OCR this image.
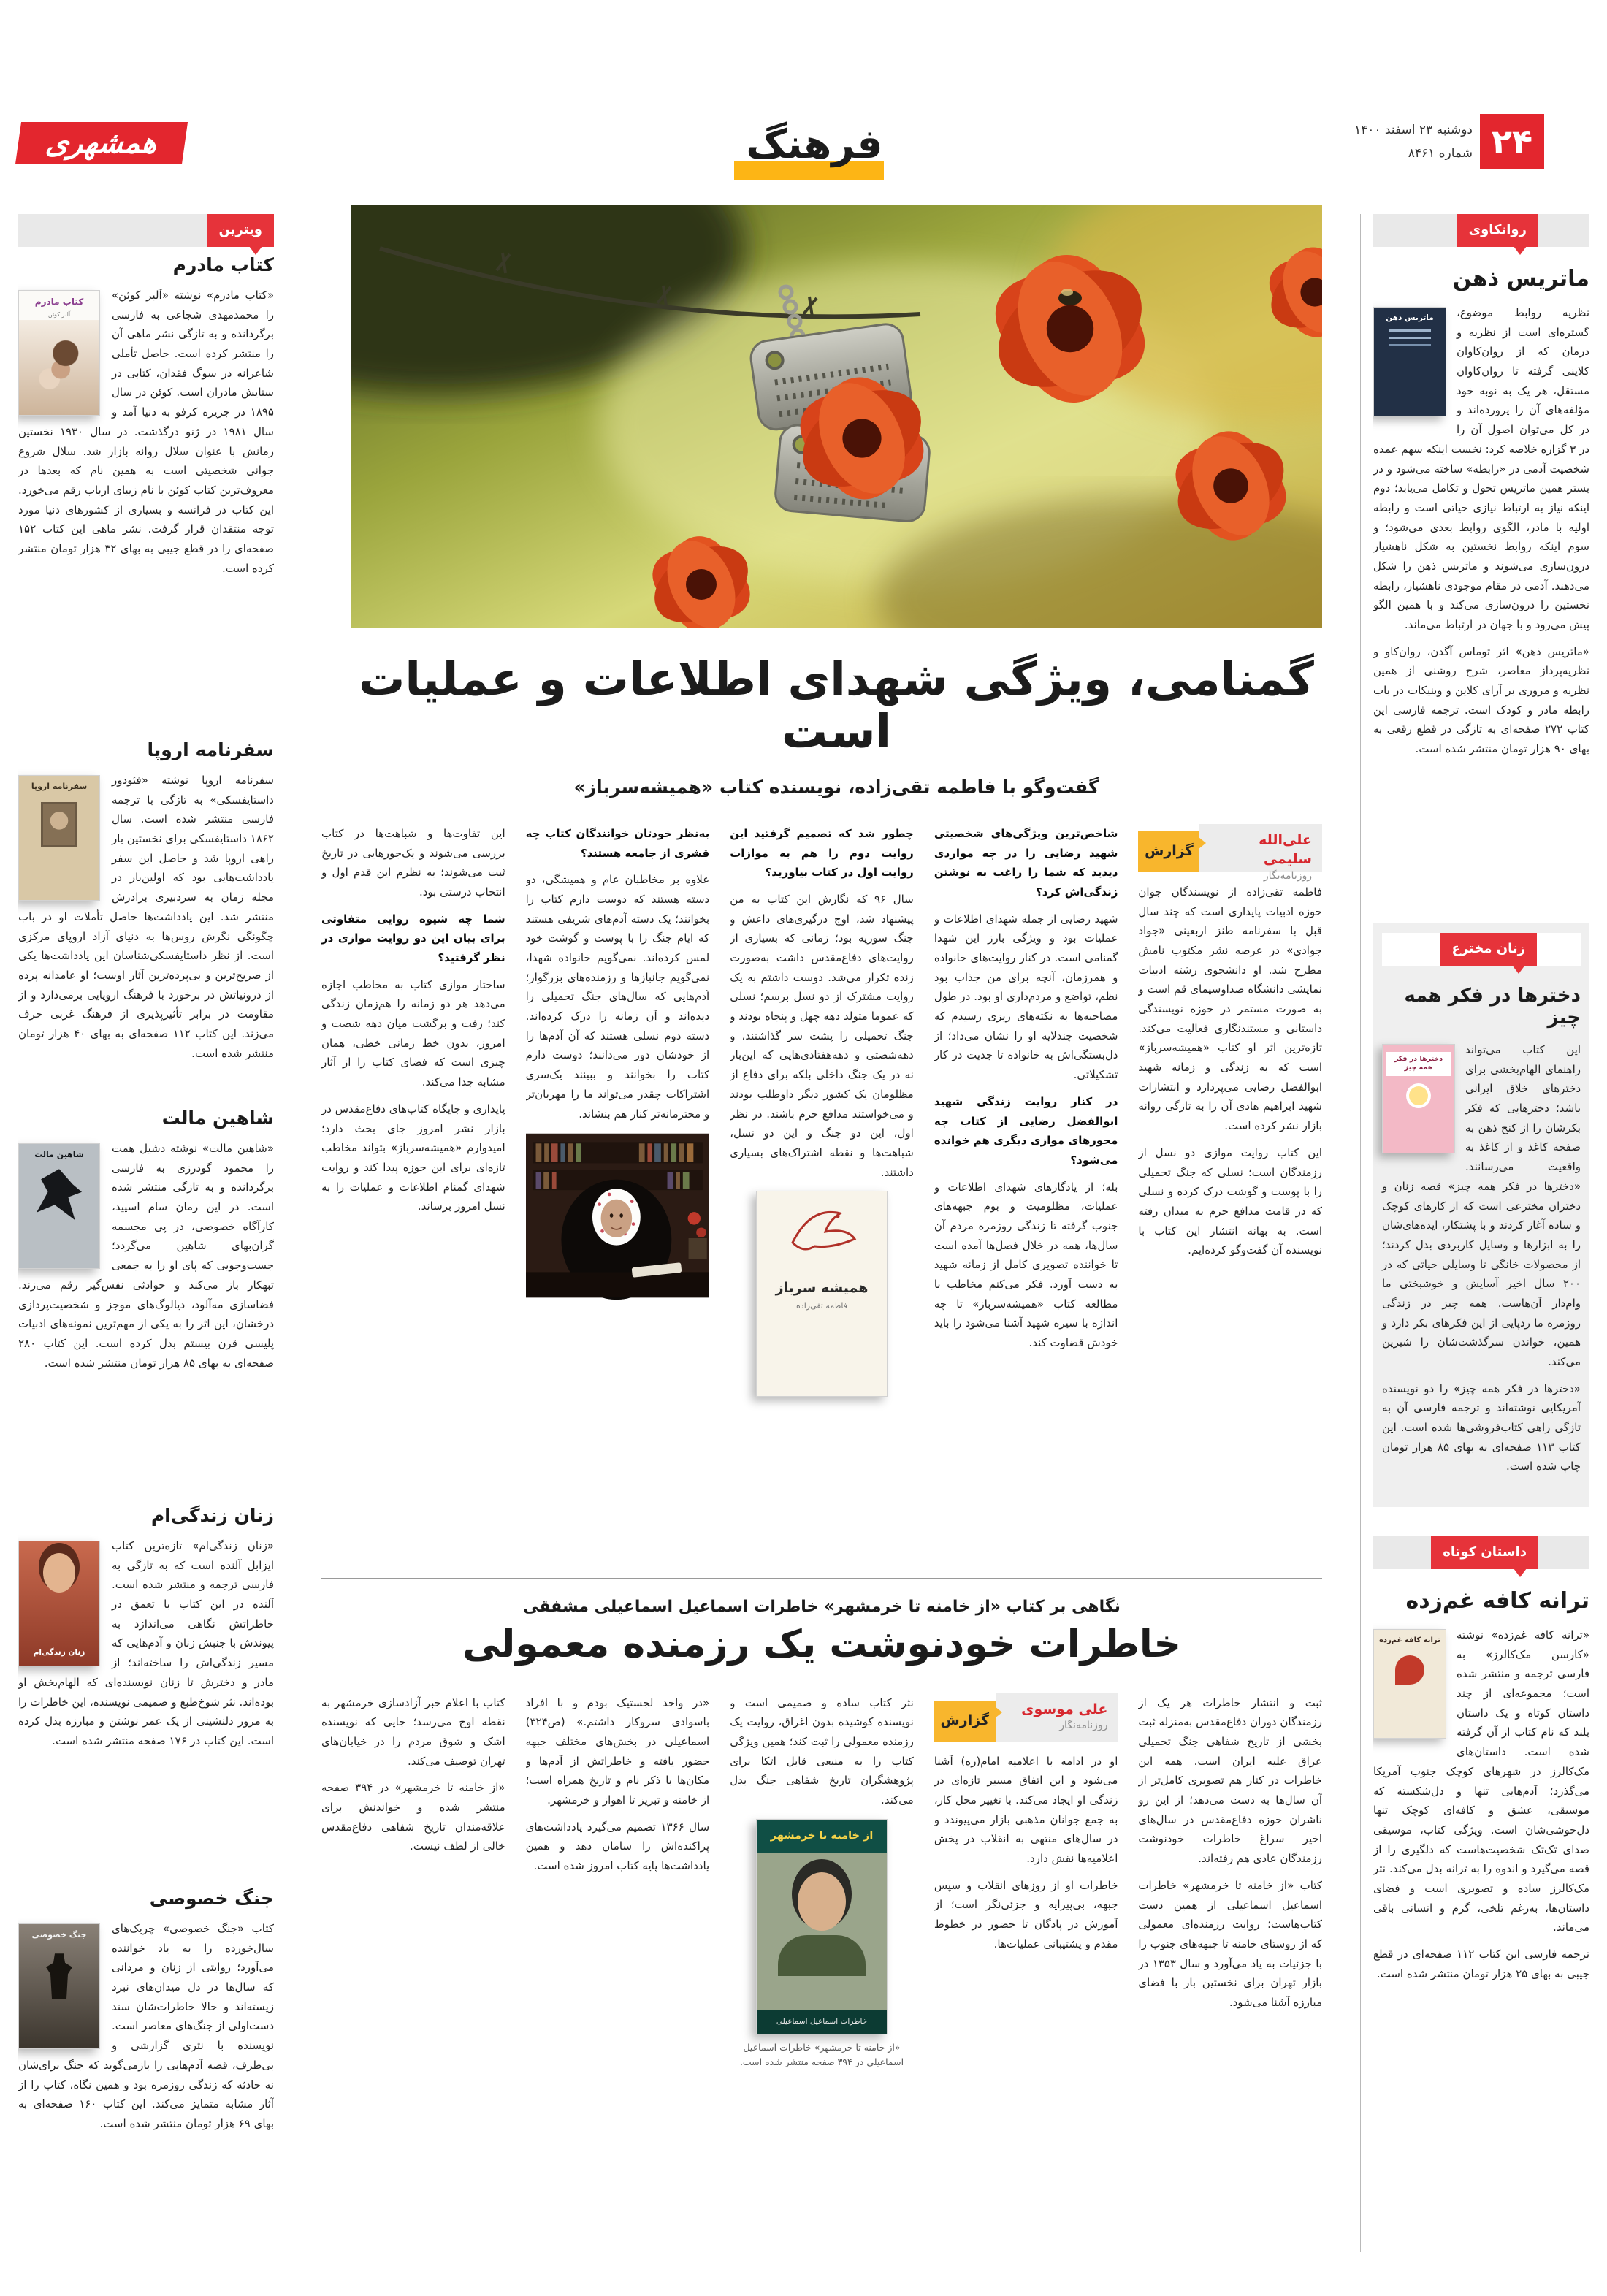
همشهری	فرهنگ	۲۴
دوشنبه ۲۳ اسفند ۱۴۰۰
شماره ۸۴۶۱
روانکاوی
ماتریس ذهن
ماتریس ذهن	نظریه روابط موضوع، گستره‌ای است از نظریه و درمان که از روان‌کاوان کلاینی گرفته تا روان‌کاوان مستقل، هر یک به نوبه خود مؤلفه‌های آن را پرورده‌اند و در کل می‌توان اصول آن را در ۳ گزاره خلاصه کرد: نخست اینکه سهم عمده شخصیت آدمی در «رابطه» ساخته می‌شود و در بستر همین ماتریس تحول و تکامل می‌یابد؛ دوم اینکه نیاز به ارتباط نیازی حیاتی است و رابطه اولیه با مادر، الگوی روابط بعدی می‌شود؛ و سوم اینکه روابط نخستین به شکل ناهشیار درون‌سازی می‌شوند و ماتریس ذهن را شکل می‌دهند. آدمی در مقام موجودی ناهشیار، رابطه نخستین را درون‌سازی می‌کند و با همین الگو پیش می‌رود و با جهان در ارتباط می‌ماند.

«ماتریس ذهن» اثر توماس آگدن، روان‌کاو و نظریه‌پرداز معاصر، شرح روشنی از همین نظریه و مروری بر آرای کلاین و وینیکات در باب رابطه مادر و کودک است. ترجمه فارسی این کتاب ۲۷۲ صفحه‌ای به تازگی در قطع رقعی به بهای ۹۰ هزار تومان منتشر شده است.

زنان مخترع
دخترها در فکر همه چیز
دخترها در فکر همه چیز

این کتاب می‌تواند راهنمای الهام‌بخشی برای دخترهای خلاق ایرانی باشد؛ دخترهایی که فکر بکرشان را از کنج ذهن به صفحه کاغذ و از کاغذ به واقعیت می‌رسانند. «دخترها در فکر همه چیز» قصه زنان و دختران مخترعی است که از کارهای کوچک و ساده آغاز کردند و با پشتکار، ایده‌های‌شان را به ابزارها و وسایل کاربردی بدل کردند؛ از محصولات خانگی تا وسایلی حیاتی که در ۲۰۰ سال اخیر آسایش و خوشبختی ما وام‌دار آن‌هاست. همه چیز در زندگی روزمره ما ردپایی از این فکرهای بکر دارد و همین، خواندن سرگذشت‌شان را شیرین می‌کند.

«دخترها در فکر همه چیز» را دو نویسنده آمریکایی نوشته‌اند و ترجمه فارسی آن به تازگی راهی کتاب‌فروشی‌ها شده است. این کتاب ۱۱۳ صفحه‌ای به بهای ۸۵ هزار تومان چاپ شده است.

داستان کوتاه
ترانه کافه غم‌زده
ترانه کافه غم‌زده	«ترانه کافه غم‌زده» نوشته «کارسن مک‌کالرز» به فارسی ترجمه و منتشر شده است؛ مجموعه‌ای از چند داستان کوتاه و یک داستان بلند که نام کتاب از آن گرفته شده است. داستان‌های مک‌کالرز در شهرهای کوچک جنوب آمریکا می‌گذرد؛ آدم‌هایی تنها و دل‌شکسته که موسیقی، عشق و کافه‌ای کوچک تنها دل‌خوشی‌شان است. ویژگی کتاب، موسیقی صدای تک‌تک شخصیت‌هاست که دلگیری را از قصه می‌گیرد و اندوه را به ترانه بدل می‌کند. نثر مک‌کالرز ساده و تصویری است و فضای داستان‌ها، به‌رغم تلخی، گرم و انسانی باقی می‌ماند.

ترجمه فارسی این کتاب ۱۱۲ صفحه‌ای در قطع جیبی به بهای ۲۵ هزار تومان منتشر شده است.

ویترین
کتاب مادرم
کتاب مادرم
آلبر کوئن

«کتاب مادرم» نوشته «آلبر کوئن» را محمدمهدی شجاعی به فارسی برگردانده و به تازگی نشر ماهی آن را منتشر کرده است. حاصل تأملی شاعرانه در سوگ فقدان، کتابی در ستایش مادران است. کوئن در سال ۱۸۹۵ در جزیره کرفو به دنیا آمد و سال ۱۹۸۱ در ژنو درگذشت. در سال ۱۹۳۰ نخستین رمانش با عنوان سلال روانه بازار شد. سلال شروع جوانی شخصیتی است به همین نام که بعدها در معروف‌ترین کتاب کوئن با نام زیبای ارباب رقم می‌خورد. این کتاب در فرانسه و بسیاری از کشورهای دنیا مورد توجه منتقدان قرار گرفت. نشر ماهی این کتاب ۱۵۲ صفحه‌ای را در قطع جیبی به بهای ۳۲ هزار تومان منتشر کرده است.

سفرنامه اروپا
سفرنامه اروپا	سفرنامه اروپا نوشته «فئودور داستایفسکی» به تازگی با ترجمه فارسی منتشر شده است. سال ۱۸۶۲ داستایفسکی برای نخستین بار راهی اروپا شد و حاصل این سفر یادداشت‌هایی بود که اولین‌بار در مجله زمان به سردبیری برادرش منتشر شد. این یادداشت‌ها حاصل تأملات او در باب چگونگی نگرش روس‌ها به دنیای آزاد اروپای مرکزی است. از نظر داستایفسکی‌شناسان این یادداشت‌ها یکی از صریح‌ترین و بی‌پرده‌ترین آثار اوست؛ او عامدانه پرده از درونیاتش در برخورد با فرهنگ اروپایی برمی‌دارد و از مقاومت در برابر تأثیرپذیری از فرهنگ غربی حرف می‌زند. این کتاب ۱۱۲ صفحه‌ای به بهای ۴۰ هزار تومان منتشر شده است.

شاهین مالت
شاهین مالت	«شاهین مالت» نوشته دشیل همت را محمود گودرزی به فارسی برگردانده و به تازگی منتشر شده است. در این رمان سام اسپید، کارآگاه خصوصی، در پی مجسمه گران‌بهای شاهین می‌گردد؛ جست‌وجویی که پای او را به جمعی تبهکار باز می‌کند و حوادثی نفس‌گیر رقم می‌زند. فضاسازی مه‌آلود، دیالوگ‌های موجز و شخصیت‌پردازی درخشان، این اثر را به یکی از مهم‌ترین نمونه‌های ادبیات پلیسی قرن بیستم بدل کرده است. این کتاب ۲۸۰ صفحه‌ای به بهای ۸۵ هزار تومان منتشر شده است.

زنان زندگی‌ام
زنان زندگی‌ام

«زنان زندگی‌ام» تازه‌ترین کتاب ایزابل آلنده است که به تازگی به فارسی ترجمه و منتشر شده است. آلنده در این کتاب با تعمق در خاطراتش نگاهی می‌اندازد به پیوندش با جنبش زنان و آدم‌هایی که مسیر زندگی‌اش را ساخته‌اند؛ از مادر و دخترش تا زنان نویسنده‌ای که الهام‌بخش او بوده‌اند. نثر شوخ‌طبع و صمیمی نویسنده، این خاطرات را به مرور دلنشینی از یک عمر نوشتن و مبارزه بدل کرده است. این کتاب در ۱۷۶ صفحه منتشر شده است.

جنگ خصوصی
جنگ خصوصی	کتاب «جنگ خصوصی» چریک‌های سال‌خورده را به یاد خواننده می‌آورد؛ روایتی از زنان و مردانی که سال‌ها در دل میدان‌های نبرد زیسته‌اند و حالا خاطرات‌شان سند دست‌اولی از جنگ‌های معاصر است. نویسنده با نثری گزارشی و بی‌طرف، قصه آدم‌هایی را بازمی‌گوید که جنگ برای‌شان نه حادثه که زندگی روزمره بود و همین نگاه، کتاب را از آثار مشابه متمایز می‌کند. این کتاب ۱۶۰ صفحه‌ای به بهای ۶۹ هزار تومان منتشر شده است.

گمنامی، ویژگی شهدای اطلاعات و عملیات است
گفت‌وگو با فاطمه تقی‌زاده، نویسنده کتاب «همیشه‌سرباز»
علی‌الله سلیمی
روزنامه‌نگار
گزارش

فاطمه تقی‌زاده از نویسندگان جوان حوزه ادبیات پایداری است که چند سال قبل با سفرنامه طنز اربعینی «جواد جوادی» در عرصه نشر مکتوب نامش مطرح شد. او دانشجوی رشته ادبیات نمایشی دانشگاه صداوسیمای قم است و به صورت مستمر در حوزه نویسندگی داستانی و مستندنگاری فعالیت می‌کند. تازه‌ترین اثر او کتاب «همیشه‌سرباز» است که به زندگی و زمانه شهید ابوالفضل رضایی می‌پردازد و انتشارات شهید ابراهیم هادی آن را به تازگی روانه بازار نشر کرده است.

این کتاب روایت موازی دو نسل از رزمندگان است؛ نسلی که جنگ تحمیلی را با پوست و گوشت درک کرده و نسلی که در قامت مدافع حرم به میدان رفته است. به بهانه انتشار این کتاب با نویسنده آن گفت‌وگو کرده‌ایم.

شاخص‌ترین ویژگی‌های شخصیتی شهید رضایی را در چه مواردی دیدید که شما را راغب به نوشتن زندگی‌اش کرد؟

شهید رضایی از جمله شهدای اطلاعات و عملیات بود و ویژگی بارز این شهدا گمنامی است. در کنار روایت‌های خانواده و همرزمان، آنچه برای من جذاب بود نظم، تواضع و مردم‌داری او بود. در طول مصاحبه‌ها به نکته‌های ریزی رسیدم که شخصیت چندلایه او را نشان می‌داد؛ از دل‌بستگی‌اش به خانواده تا جدیت در کار تشکیلاتی.

در کنار روایت زندگی شهید ابوالفضل رضایی از کتاب چه محورهای موازی دیگری هم خوانده می‌شود؟

بله؛ از یادگارهای شهدای اطلاعات و عملیات، مظلومیت و بوم جبهه‌های جنوب گرفته تا زندگی روزمره مردم آن سال‌ها، همه در خلال فصل‌ها آمده است تا خواننده تصویری کامل از زمانه شهید به دست آورد. فکر می‌کنم مخاطب با مطالعه کتاب «همیشه‌سرباز» تا چه اندازه با سیره شهید آشنا می‌شود را باید خودش قضاوت کند.

چطور شد که تصمیم گرفتید این روایت دوم را هم به موازات روایت اول در کتاب بیاورید؟

سال ۹۶ که نگارش این کتاب به من پیشنهاد شد، اوج درگیری‌های داعش و جنگ سوریه بود؛ زمانی که بسیاری از روایت‌های دفاع‌مقدس داشت به‌صورت زنده تکرار می‌شد. دوست داشتم به یک روایت مشترک از دو نسل برسم؛ نسلی که عموما متولد دهه چهل و پنجاه بودند و جنگ تحمیلی را پشت سر گذاشتند، و دهه‌شصتی و دهه‌هفتادی‌هایی که این‌بار نه در یک جنگ داخلی بلکه برای دفاع از مظلومان یک کشور دیگر داوطلب بودند و می‌خواستند مدافع حرم باشند. در نظر اول، این دو جنگ و این دو نسل، شباهت‌ها و نقطه اشتراک‌های بسیاری داشتند.

همیشه سرباز
فاطمه تقی‌زاده

به‌نظر خودتان خوانندگان کتاب چه قشری از جامعه هستند؟

علاوه بر مخاطبان عام و همیشگی، دو دسته هستند که دوست دارم کتاب را بخوانند؛ یک دسته آدم‌های شریفی هستند که ایام جنگ را با پوست و گوشت خود لمس کرده‌اند. نمی‌گویم خانواده شهدا، نمی‌گویم جانبازها و رزمنده‌های بزرگوار؛ آدم‌هایی که سال‌های جنگ تحمیلی را دیده‌اند و آن زمانه را درک کرده‌اند. دسته دوم نسلی هستند که آن آدم‌ها را از خودشان دور می‌دانند؛ دوست دارم کتاب را بخوانند و ببینند یک‌سری اشتراکات چقدر می‌تواند ما را مهربان‌تر و محترمانه‌تر کنار هم بنشاند.

این تفاوت‌ها و شباهت‌ها در کتاب بررسی می‌شوند و یک‌جورهایی در تاریخ ثبت می‌شوند؛ به نظرم این قدم اول و انتخاب درستی بود.

شما چه شیوه روایی متفاوتی برای بیان این دو روایت موازی در نظر گرفتید؟

ساختار موازی کتاب به مخاطب اجازه می‌دهد هر دو زمانه را هم‌زمان زندگی کند؛ رفت و برگشت میان دهه شصت و امروز، بدون خط زمانی خطی، همان چیزی است که فضای کتاب را از آثار مشابه جدا می‌کند.

پایداری و جایگاه کتاب‌های دفاع‌مقدس در بازار نشر امروز جای بحث دارد؛ امیدوارم «همیشه‌سرباز» بتواند مخاطب تازه‌ای برای این حوزه پیدا کند و روایت شهدای گمنام اطلاعات و عملیات را به نسل امروز برساند.

نگاهی بر کتاب «از خامنه تا خرمشهر» خاطرات اسماعیل اسماعیلی مشفقی
خاطرات خودنوشت یک رزمنده معمولی

ثبت و انتشار خاطرات هر یک از رزمندگان دوران دفاع‌مقدس به‌منزله ثبت بخشی از تاریخ شفاهی جنگ تحمیلی عراق علیه ایران است. همه این خاطرات در کنار هم تصویری کامل‌تر از آن سال‌ها به دست می‌دهد؛ از این رو ناشران حوزه دفاع‌مقدس در سال‌های اخیر سراغ خاطرات خودنوشت رزمندگان عادی هم رفته‌اند.

کتاب «از خامنه تا خرمشهر» خاطرات اسماعیل اسماعیلی از همین دست کتاب‌هاست؛ روایت رزمنده‌ای معمولی که از روستای خامنه تا جبهه‌های جنوب را با جزئیات به یاد می‌آورد و سال ۱۳۵۳ در بازار تهران برای نخستین بار با فضای مبارزه آشنا می‌شود.

علی موسوی
روزنامه‌نگار
گزارش

او در ادامه با اعلامیه امام(ره) آشنا می‌شود و این اتفاق مسیر تازه‌ای در زندگی او ایجاد می‌کند. با تغییر محل کار، به جمع جوانان مذهبی بازار می‌پیوندد و در سال‌های منتهی به انقلاب در پخش اعلامیه‌ها نقش دارد.

خاطرات او از روزهای انقلاب و سپس جبهه، بی‌پیرایه و جزئی‌نگر است؛ از آموزش در پادگان تا حضور در خطوط مقدم و پشتیبانی عملیات‌ها.

نثر کتاب ساده و صمیمی است و نویسنده کوشیده بدون اغراق، روایت یک رزمنده معمولی را ثبت کند؛ همین ویژگی کتاب را به منبعی قابل اتکا برای پژوهشگران تاریخ شفاهی جنگ بدل می‌کند.

از خامنه تا خرمشهر
خاطرات اسماعیل اسماعیلی
«از خامنه تا خرمشهر» خاطرات اسماعیل اسماعیلی در ۳۹۴ صفحه منتشر شده است.

«در واحد لجستیک بودم و با افراد باسوادی سروکار داشتم.» (ص۳۲۴) اسماعیلی در بخش‌های مختلف جبهه حضور یافته و خاطراتش از آدم‌ها و مکان‌ها با ذکر نام و تاریخ همراه است؛ از خامنه و تبریز تا اهواز و خرمشهر.

سال ۱۳۶۶ تصمیم می‌گیرد یادداشت‌های پراکنده‌اش را سامان دهد و همین یادداشت‌ها پایه کتاب امروز شده است.

کتاب با اعلام خبر آزادسازی خرمشهر به نقطه اوج می‌رسد؛ جایی که نویسنده اشک و شوق مردم را در خیابان‌های تهران توصیف می‌کند.

«از خامنه تا خرمشهر» در ۳۹۴ صفحه منتشر شده و خواندنش برای علاقه‌مندان تاریخ شفاهی دفاع‌مقدس خالی از لطف نیست.
